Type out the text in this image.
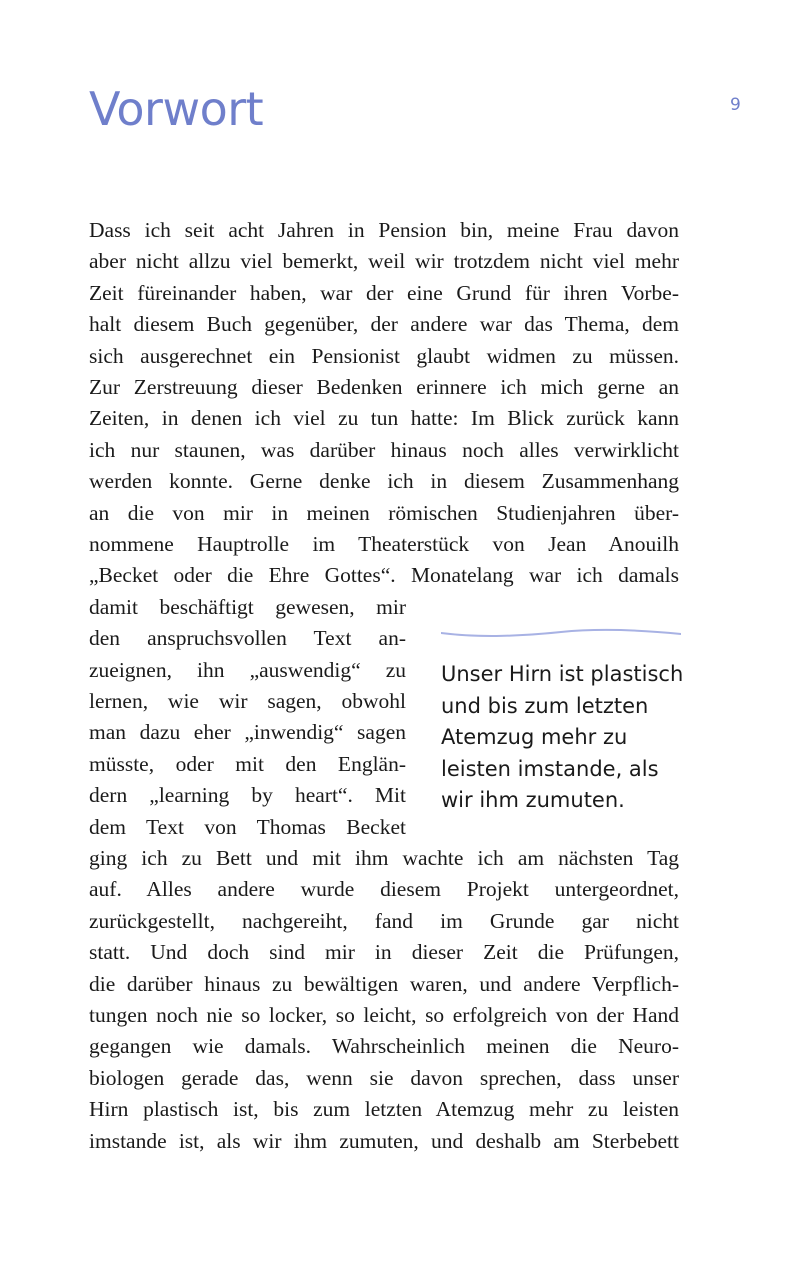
Vorwort	9
Dass ich seit acht Jahren in Pension bin, meine Frau davon
aber nicht allzu viel bemerkt, weil wir trotzdem nicht viel mehr
Zeit füreinander haben, war der eine Grund für ihren Vorbe-
halt diesem Buch gegenüber, der andere war das Thema, dem
sich ausgerechnet ein Pensionist glaubt widmen zu müssen.
Zur Zerstreuung dieser Bedenken erinnere ich mich gerne an
Zeiten, in denen ich viel zu tun hatte: Im Blick zurück kann
ich nur staunen, was darüber hinaus noch alles verwirklicht
werden konnte. Gerne denke ich in diesem Zusammenhang
an die von mir in meinen römischen Studienjahren über-
nommene Hauptrolle im Theaterstück von Jean Anouilh
„Becket oder die Ehre Gottes“. Monatelang war ich damals
damit beschäftigt gewesen, mir
den anspruchsvollen Text an-
zueignen, ihn „auswendig“ zu
lernen, wie wir sagen, obwohl
man dazu eher „inwendig“ sagen
müsste, oder mit den Englän-
dern „learning by heart“. Mit
dem Text von Thomas Becket
ging ich zu Bett und mit ihm wachte ich am nächsten Tag
auf. Alles andere wurde diesem Projekt untergeordnet,
zurückgestellt, nachgereiht, fand im Grunde gar nicht
statt. Und doch sind mir in dieser Zeit die Prüfungen,
die darüber hinaus zu bewältigen waren, und andere Verpflich-
tungen noch nie so locker, so leicht, so erfolgreich von der Hand
gegangen wie damals. Wahrscheinlich meinen die Neuro-
biologen gerade das, wenn sie davon sprechen, dass unser
Hirn plastisch ist, bis zum letzten Atemzug mehr zu leisten
imstande ist, als wir ihm zumuten, und deshalb am Sterbebett
Unser Hirn ist plastisch
und bis zum letzten
Atemzug mehr zu
leisten imstande, als
wir ihm zumuten.
